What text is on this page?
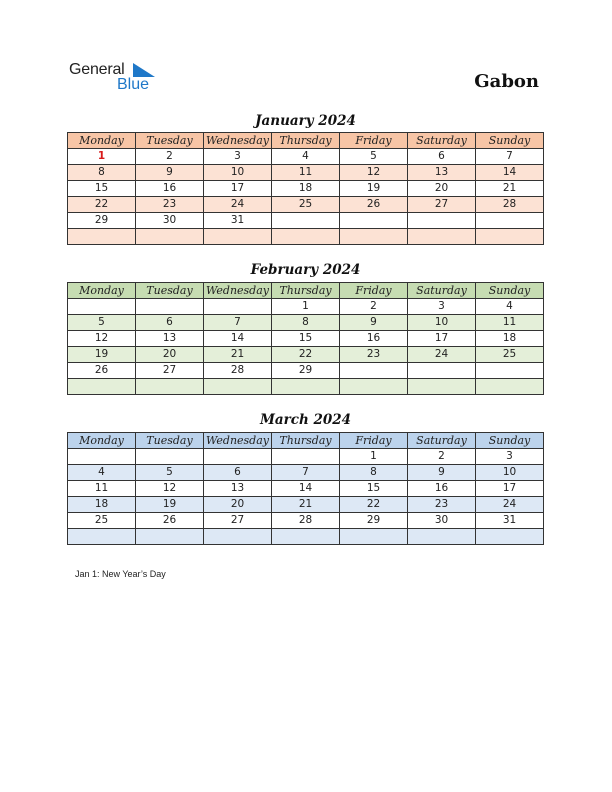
General
Blue	Gabon
January 2024
Monday	Tuesday	Wednesday	Thursday	Friday	Saturday	Sunday
1	2	3	4	5	6	7
8	9	10	11	12	13	14
15	16	17	18	19	20	21
22	23	24	25	26	27	28
29	30	31				

February 2024
Monday	Tuesday	Wednesday	Thursday	Friday	Saturday	Sunday
			1	2	3	4
5	6	7	8	9	10	11
12	13	14	15	16	17	18
19	20	21	22	23	24	25
26	27	28	29			

March 2024
Monday	Tuesday	Wednesday	Thursday	Friday	Saturday	Sunday
				1	2	3
4	5	6	7	8	9	10
11	12	13	14	15	16	17
18	19	20	21	22	23	24
25	26	27	28	29	30	31

Jan 1: New Year’s Day
